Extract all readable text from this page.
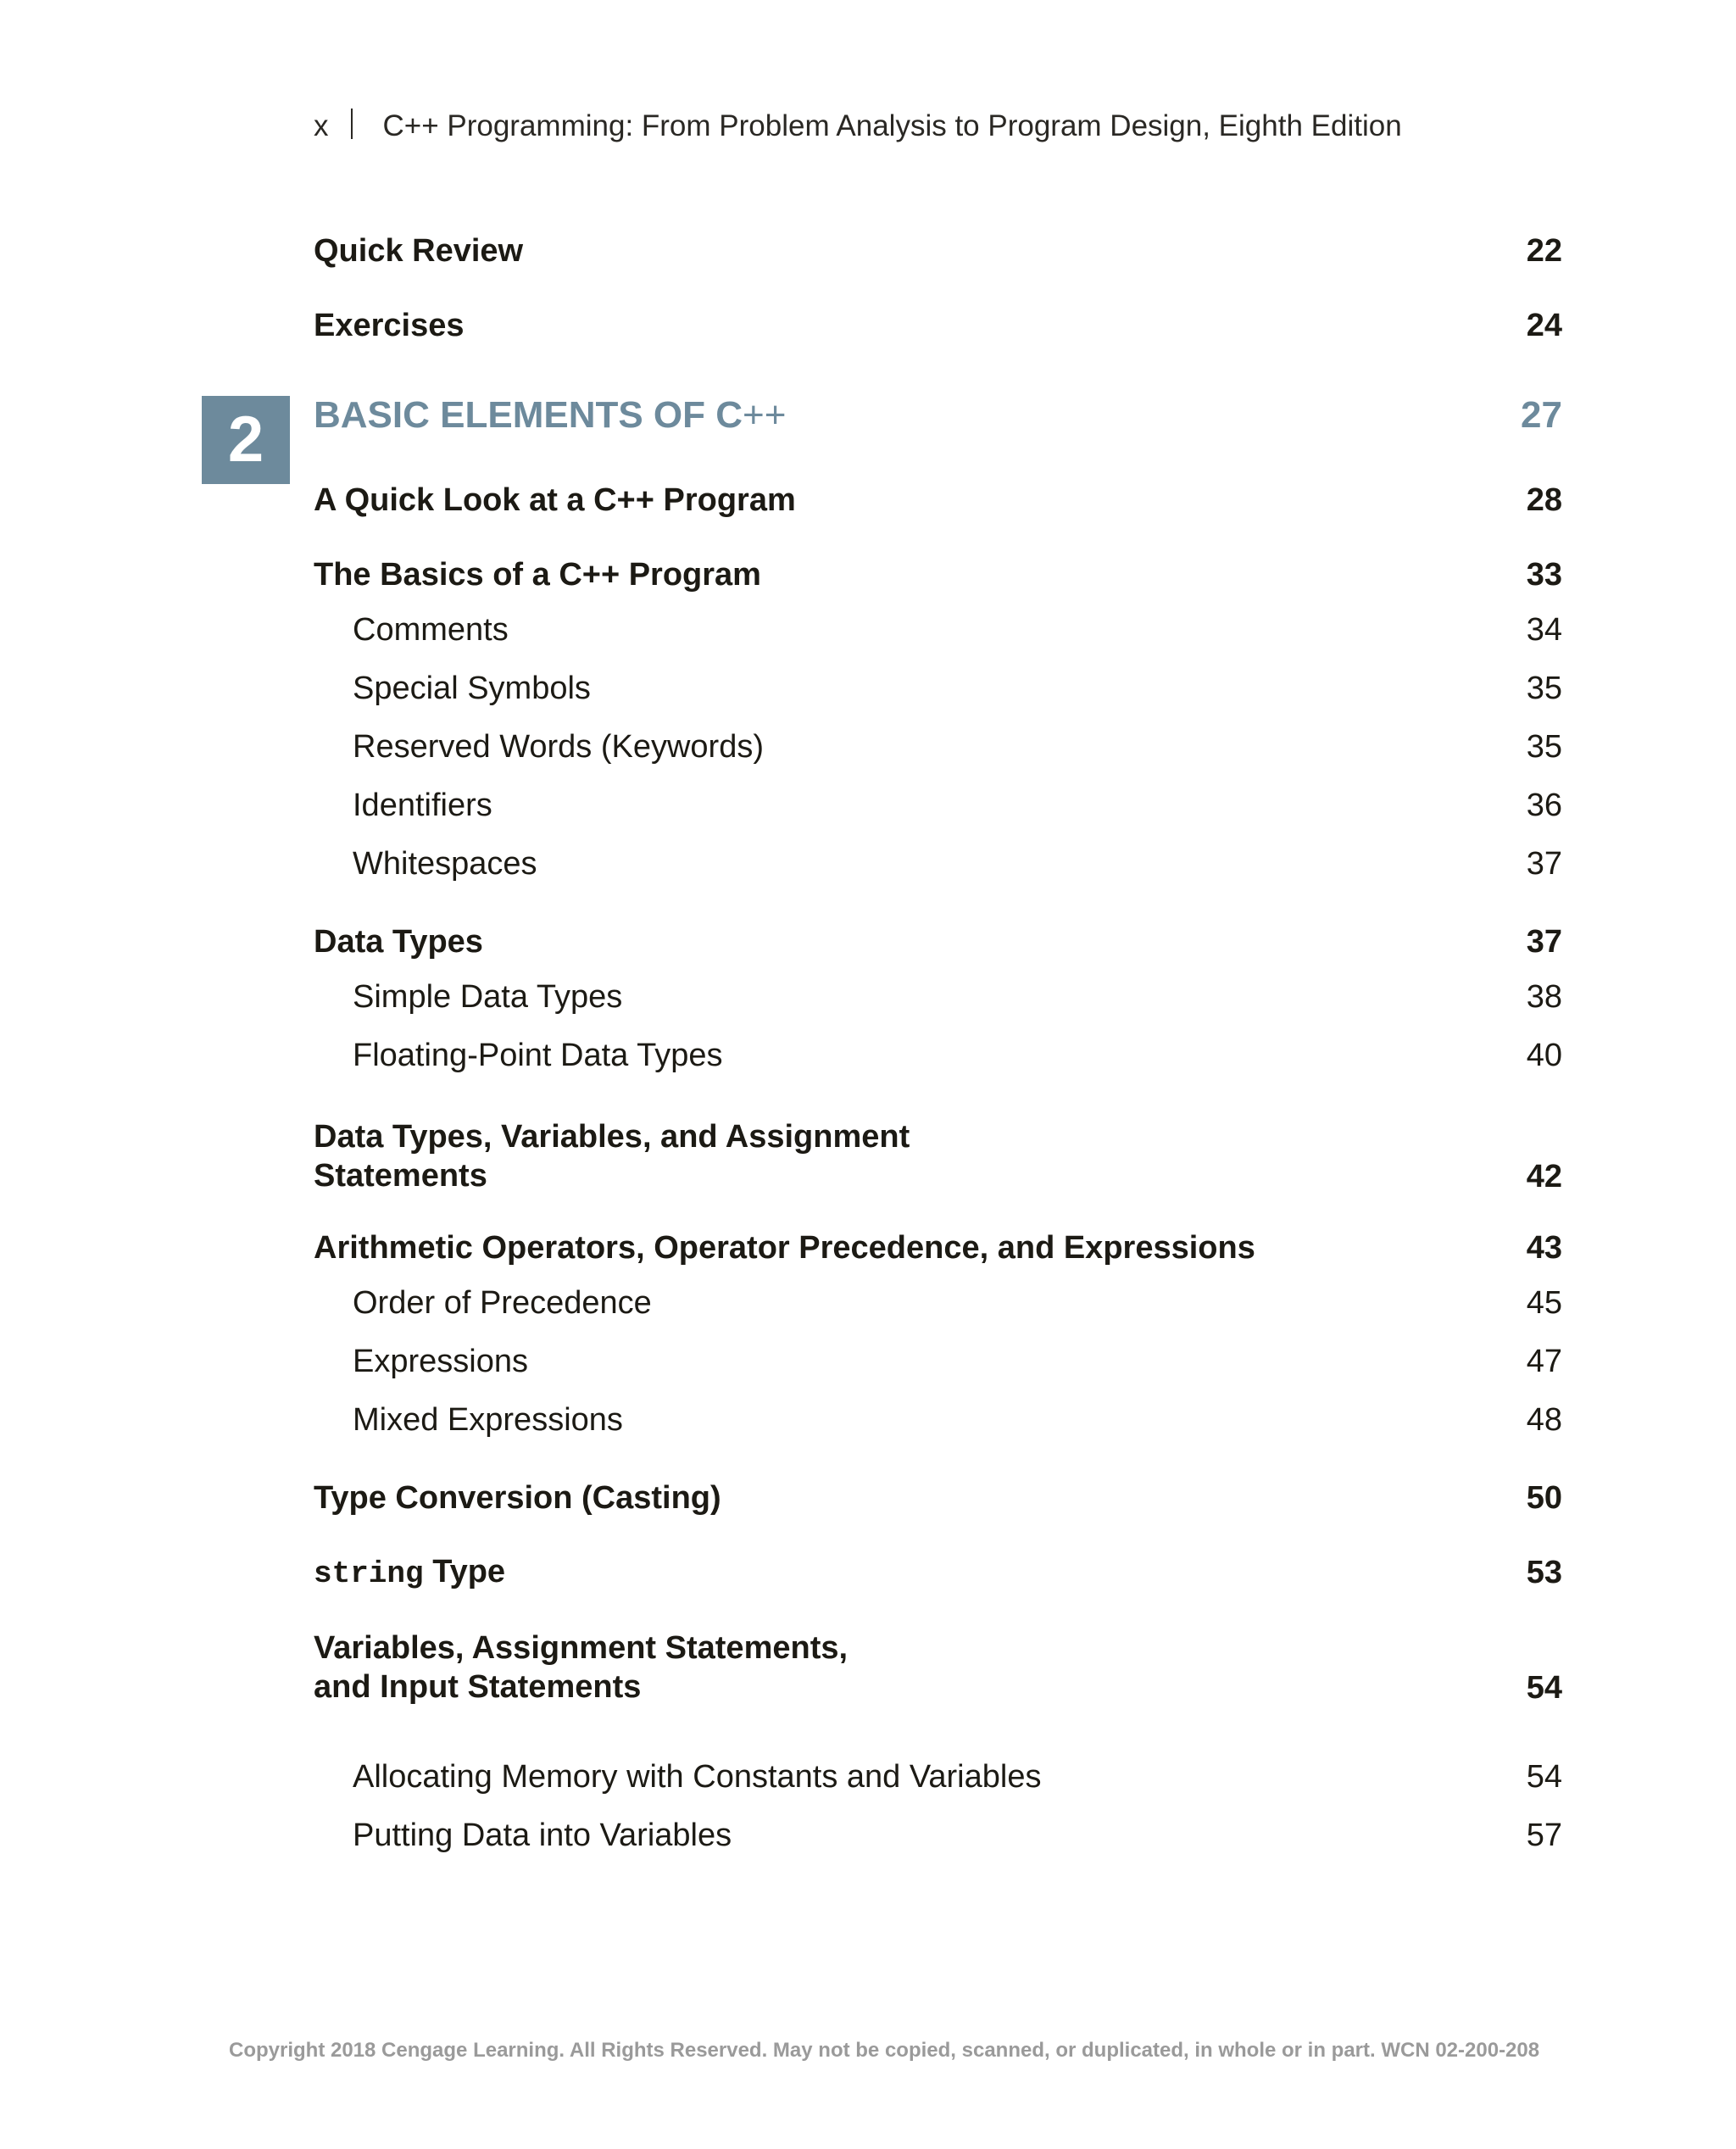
x C++ Programming: From Problem Analysis to Program Design, Eighth Edition
Quick Review	22
Exercises	24
2	BASIC ELEMENTS OF C++	27
A Quick Look at a C++ Program	28
The Basics of a C++ Program	33
Comments	34
Special Symbols	35
Reserved Words (Keywords)	35
Identifiers	36
Whitespaces	37
Data Types	37
Simple Data Types	38
Floating-Point Data Types	40
Data Types, Variables, and Assignment
Statements	42
Arithmetic Operators, Operator Precedence, and Expressions	43
Order of Precedence	45
Expressions	47
Mixed Expressions	48
Type Conversion (Casting)	50
string Type	53
Variables, Assignment Statements,
and Input Statements	54
Allocating Memory with Constants and Variables	54
Putting Data into Variables	57
Copyright 2018 Cengage Learning. All Rights Reserved. May not be copied, scanned, or duplicated, in whole or in part. WCN 02-200-208
